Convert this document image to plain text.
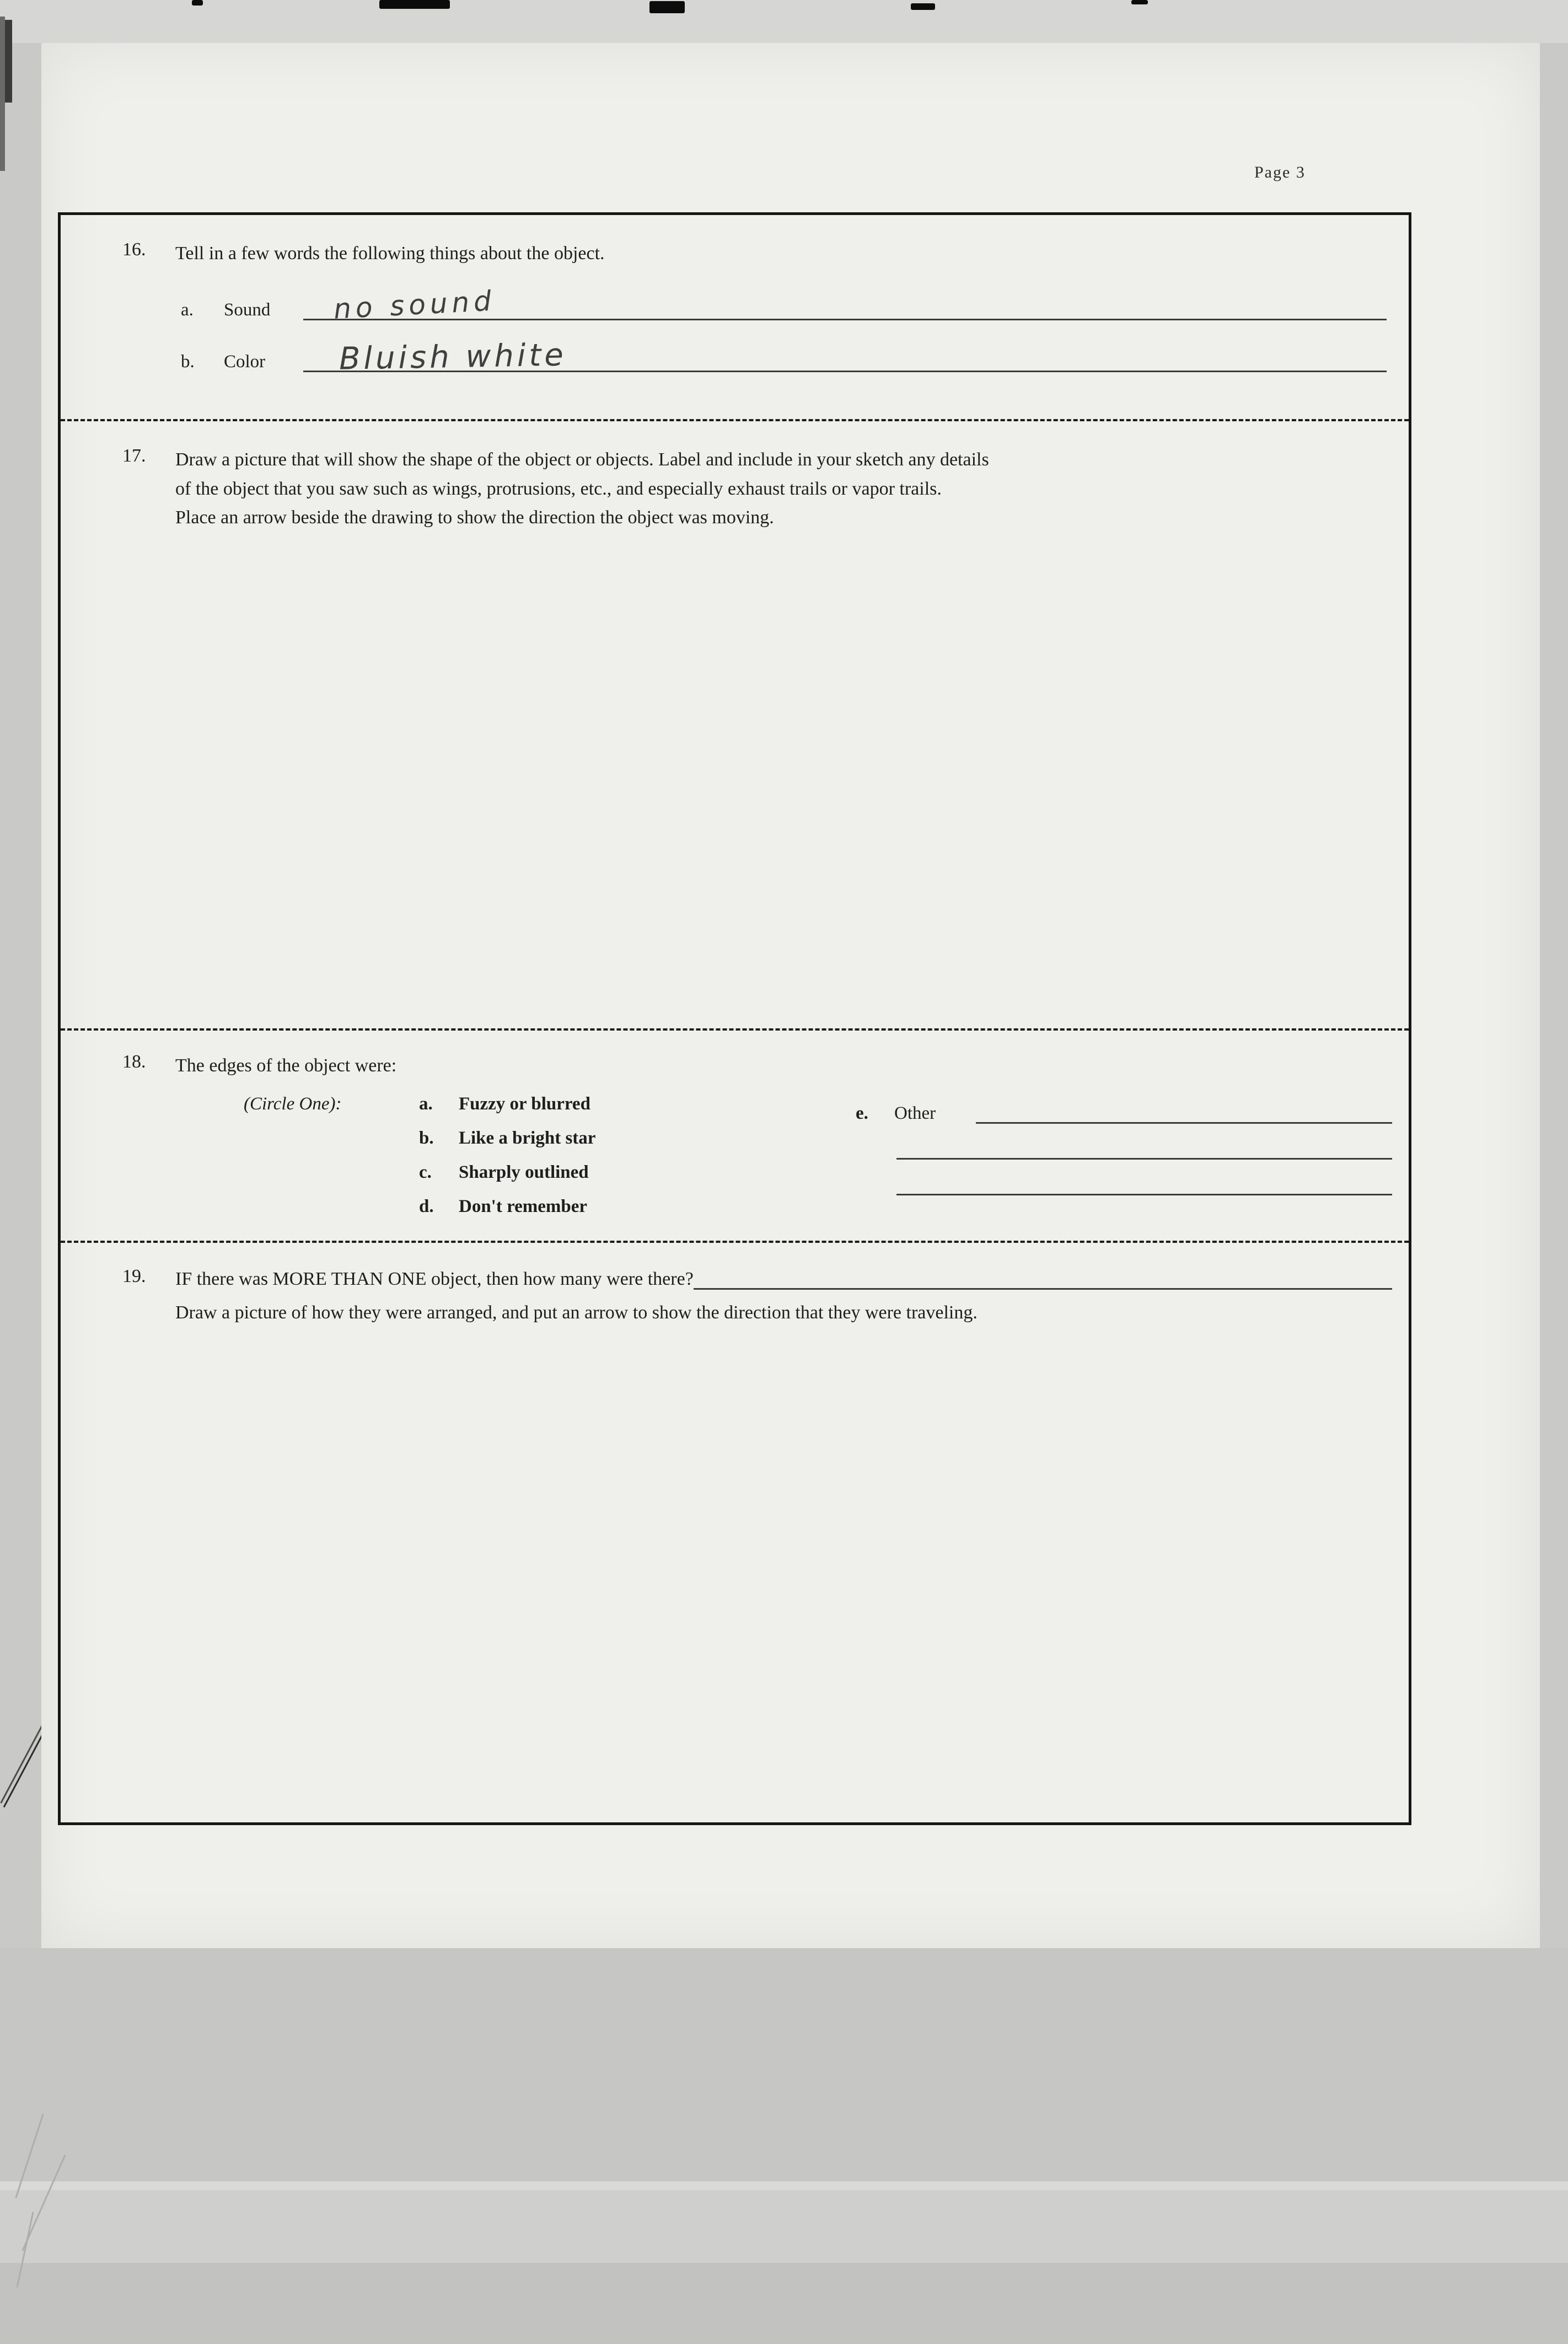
Page 3
16.	Tell in a few words the following things about the object.
a.	Sound	no sound
b.	Color	Bluish white
17.	Draw a picture that will show the shape of the object or objects. Label and include in your sketch any details
of the object that you saw such as wings, protrusions, etc., and especially exhaust trails or vapor trails.
Place an arrow beside the drawing to show the direction the object was moving.
18.	The edges of the object were:
(Circle One):	a.	Fuzzy or blurred
b.	Like a bright star
c.	Sharply outlined
d.	Don't remember
e.	Other
19.	IF there was MORE THAN ONE object, then how many were there?
Draw a picture of how they were arranged, and put an arrow to show the direction that they were traveling.
